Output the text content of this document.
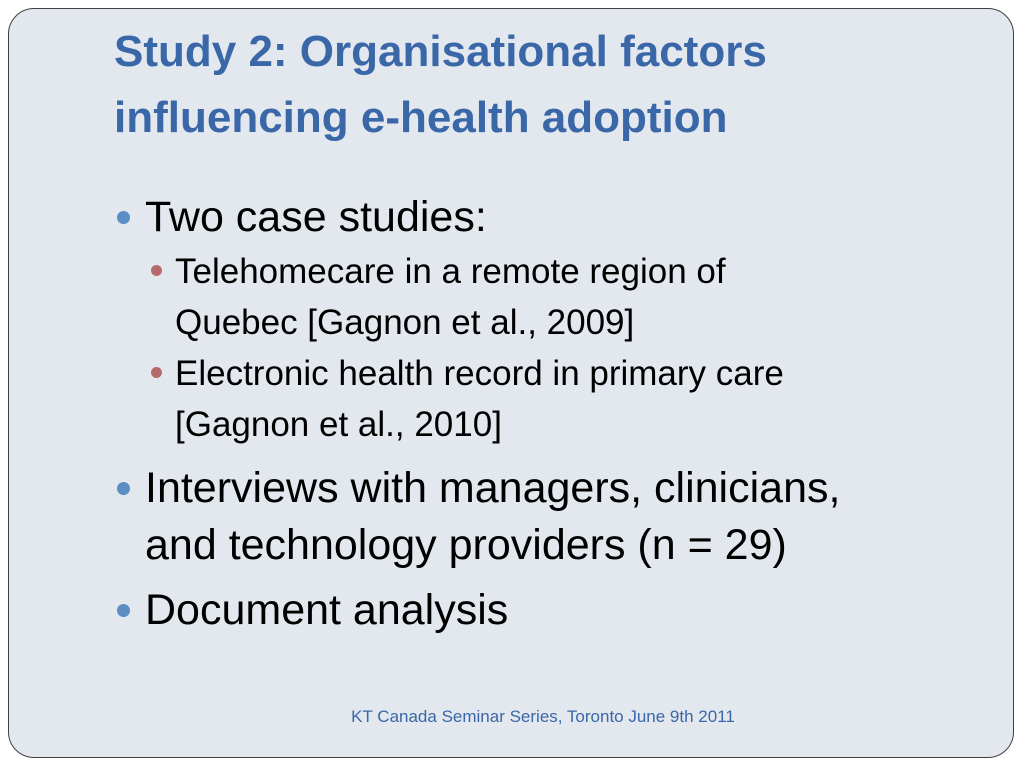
Study 2: Organisational factors
influencing e-health adoption
Two case studies:
Telehomecare in a remote region of
Quebec [Gagnon et al., 2009]
Electronic health record in primary care
[Gagnon et al., 2010]
Interviews with managers, clinicians,
and technology providers (n = 29)
Document analysis
KT Canada Seminar Series, Toronto June 9th 2011
